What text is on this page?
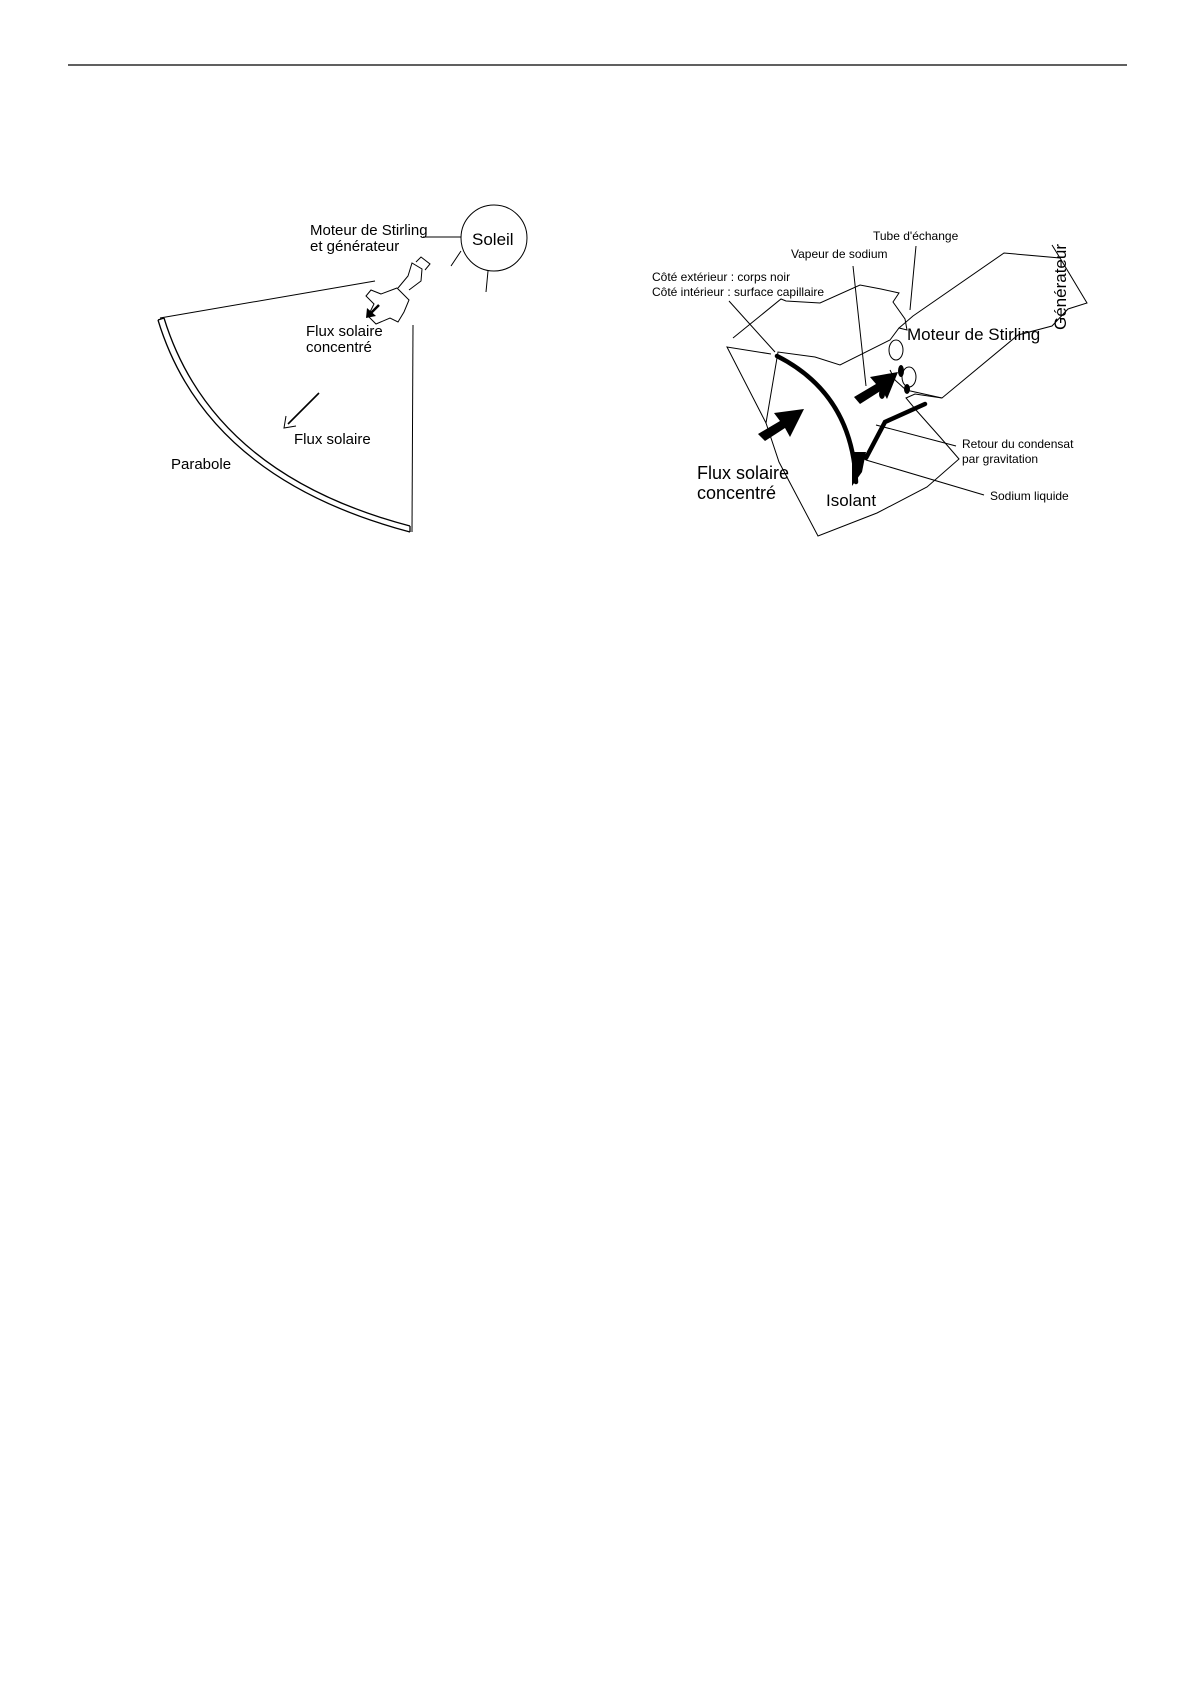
Soleil
Moteur de Stirling
et générateur
Flux solaire
concentré
Flux solaire
Parabole
Tube d'échange
Vapeur de sodium
Côté extérieur : corps noir
Côté intérieur : surface capillaire
Moteur de Stirling
Générateur
Flux solaire
concentré	Isolant
Retour du condensat
par gravitation
Sodium liquide
